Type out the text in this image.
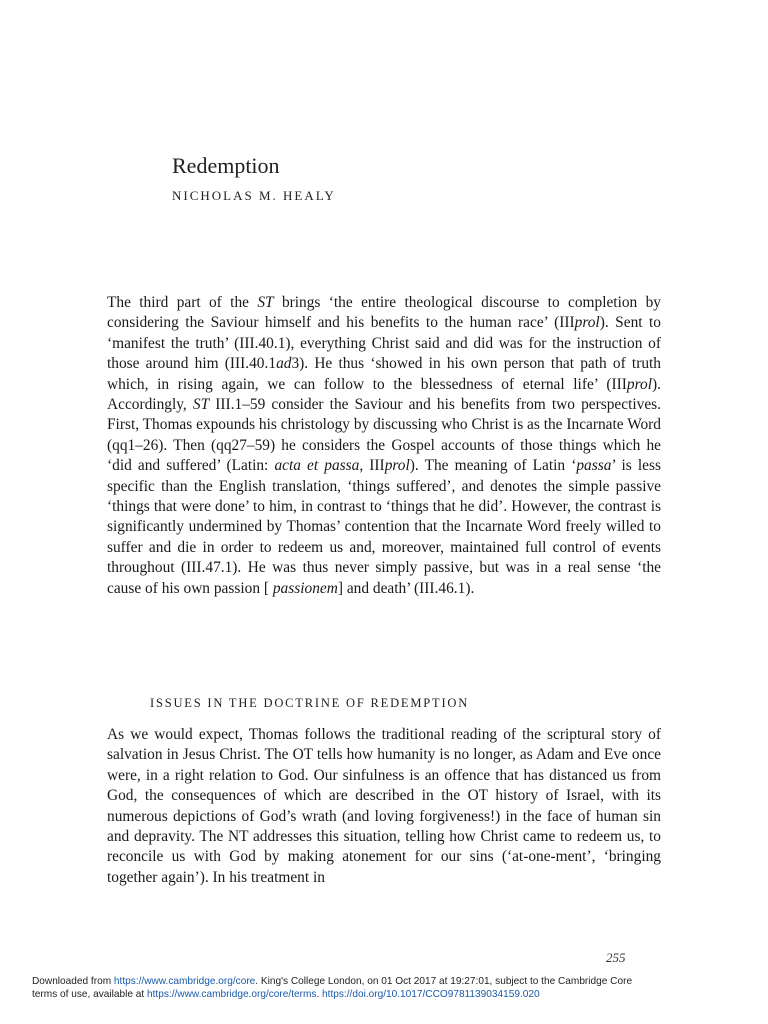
Redemption
NICHOLAS M. HEALY

The third part of the ST brings ‘the entire theological discourse to completion by considering the Saviour himself and his benefits to the human race’ (IIIprol). Sent to ‘manifest the truth’ (III.40.1), everything Christ said and did was for the instruction of those around him (III.40.1ad3). He thus ‘showed in his own person that path of truth which, in rising again, we can follow to the blessedness of eternal life’ (IIIprol). Accordingly, ST III.1–59 consider the Saviour and his benefits from two perspectives. First, Thomas expounds his christology by discussing who Christ is as the Incarnate Word (qq1–26). Then (qq27–59) he considers the Gospel accounts of those things which he ‘did and suffered’ (Latin: acta et passa, IIIprol). The meaning of Latin ‘passa’ is less specific than the English translation, ‘things suffered’, and denotes the simple passive ‘things that were done’ to him, in contrast to ‘things that he did’. However, the contrast is significantly undermined by Thomas’ contention that the Incarnate Word freely willed to suffer and die in order to redeem us and, moreover, maintained full control of events throughout (III.47.1). He was thus never simply passive, but was in a real sense ‘the cause of his own passion [ passionem] and death’ (III.46.1).

ISSUES IN THE DOCTRINE OF REDEMPTION

As we would expect, Thomas follows the traditional reading of the scriptural story of salvation in Jesus Christ. The OT tells how humanity is no longer, as Adam and Eve once were, in a right relation to God. Our sinfulness is an offence that has distanced us from God, the consequences of which are described in the OT history of Israel, with its numerous depictions of God’s wrath (and loving forgiveness!) in the face of human sin and depravity. The NT addresses this situation, telling how Christ came to redeem us, to reconcile us with God by making atonement for our sins (‘at-one-ment’, ‘bringing together again’). In his treatment in

255
Downloaded from https://www.cambridge.org/core. King's College London, on 01 Oct 2017 at 19:27:01, subject to the Cambridge Core
terms of use, available at https://www.cambridge.org/core/terms. https://doi.org/10.1017/CCO9781139034159.020
